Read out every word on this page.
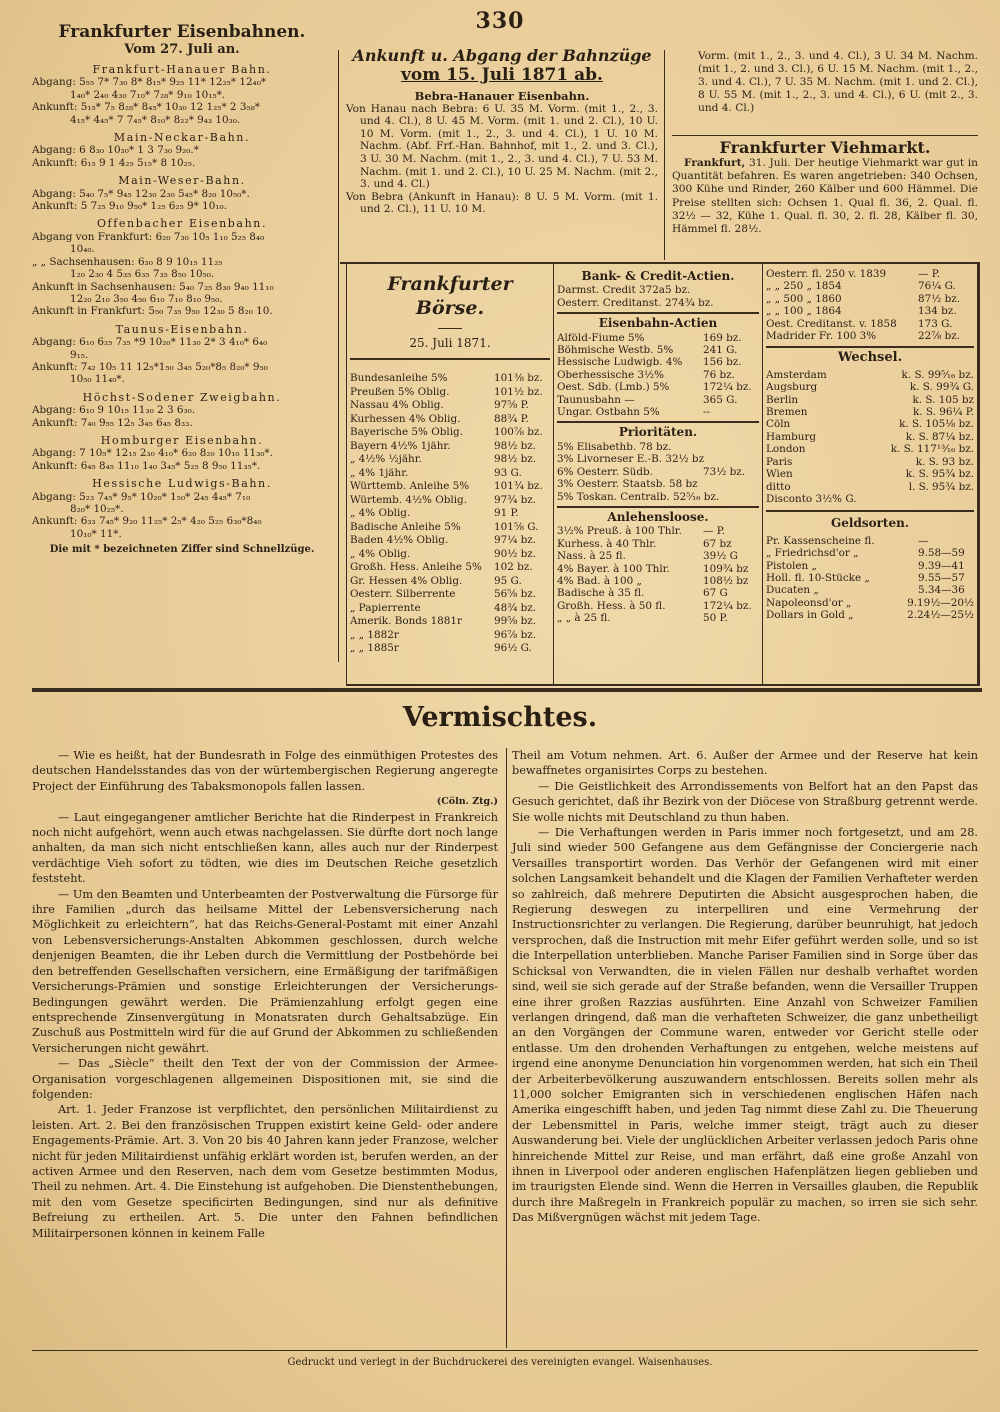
330
Frankfurter Eisenbahnen.
Vom 27. Juli an.
Frankfurt-Hanauer Bahn.
Abgang: 5₅₅ 7* 7₃₀ 8* 8₁₅* 9₂₅ 11* 12₂₅* 12₄₀*
1₄₀* 2₄₀ 4₃₀ 7₁₀* 7₂₈* 9₁₀ 10₁₅*.
Ankunft: 5₁₅* 7₅ 8₂₈* 8₄₅* 10₃₀ 12 1₂₅* 2 3₅₈*
4₁₅* 4₄₅* 7 7₄₅* 8₁₀* 8₂₂* 9₄₃ 10₃₀.
Main-Neckar-Bahn.
Abgang: 6 8₃₀ 10₃₀* 1 3 7₃₀ 9₂₀.*
Ankunft: 6₁₅ 9 1 4₂₅ 5₁₅* 8 10₂₅.
Main-Weser-Bahn.
Abgang: 5₄₀ 7₅* 9₄₅ 12₃₀ 2₃₀ 5₄₅* 8₂₀ 10₅₀*.
Ankunft: 5 7₂₅ 9₁₀ 9₅₀* 1₂₅ 6₂₅ 9* 10₁₀.
Offenbacher Eisenbahn.
Abgang von Frankfurt: 6₂₀ 7₃₀ 10₅ 1₁₀ 5₂₅ 8₄₀
10₄₀.
„ „ Sachsenhausen: 6₃₀ 8 9 10₁₅ 11₂₅
1₂₀ 2₃₀ 4 5₃₅ 6₃₅ 7₃₅ 8₅₀ 10₅₀.
Ankunft in Sachsenhausen: 5₄₀ 7₂₅ 8₃₀ 9₄₀ 11₁₀
12₂₀ 2₁₀ 3₅₀ 4₅₀ 6₁₀ 7₁₀ 8₁₀ 9₅₀.
Ankunft in Frankfurt: 5₅₀ 7₃₅ 9₅₀ 12₃₀ 5 8₂₀ 10.
Taunus-Eisenbahn.
Abgang: 6₁₀ 6₂₅ 7₃₅ *9 10₂₀* 11₃₀ 2* 3 4₁₀* 6₄₀
9₁₅.
Ankunft: 7₄₂ 10₅ 11 12₅*1₅₀ 3₄₅ 5₂₀*8₅ 8₂₀* 9₅₀
10₅₀ 11₄₀*.
Höchst-Sodener Zweigbahn.
Abgang: 6₁₀ 9 10₁₅ 11₃₀ 2 3 6₃₀.
Ankunft: 7₄₀ 9₅₅ 12₅ 3₄₅ 6₄₅ 8₃₃.
Homburger Eisenbahn.
Abgang: 7 10₅* 12₁₅ 2₃₀ 4₁₀* 6₂₀ 8₂₀ 10₁₀ 11₃₀*.
Ankunft: 6₄₅ 8₄₅ 11₁₀ 1₄₀ 3₄₅* 5₂₅ 8 9₅₀ 11₃₅*.
Hessische Ludwigs-Bahn.
Abgang: 5₂₃ 7₄₅* 9₅* 10₂₀* 1₅₀* 2₄₅ 4₄₅* 7₁₀
8₂₀* 10₂₅*.
Ankunft: 6₃₃ 7₄₅* 9₂₀ 11₂₅* 2₅* 4₂₀ 5₂₅ 6₃₀*8₄₀
10₁₀* 11*.
Die mit * bezeichneten Ziffer sind Schnellzüge.
Ankunft u. Abgang der Bahnzüge
vom 15. Juli 1871 ab.
Bebra-Hanauer Eisenbahn.
Von Hanau nach Bebra: 6 U. 35 M. Vorm. (mit 1., 2., 3. und 4. Cl.), 8 U. 45 M. Vorm. (mit 1. und 2. Cl.), 10 U. 10 M. Vorm. (mit 1., 2., 3. und 4. Cl.), 1 U. 10 M. Nachm. (Abf. Frf.-Han. Bahnhof, mit 1., 2. und 3. Cl.), 3 U. 30 M. Nachm. (mit 1., 2., 3. und 4. Cl.), 7 U. 53 M. Nachm. (mit 1. und 2. Cl.), 10 U. 25 M. Nachm. (mit 2., 3. und 4. Cl.)
Von Bebra (Ankunft in Hanau): 8 U. 5 M. Vorm. (mit 1. und 2. Cl.), 11 U. 10 M.
Vorm. (mit 1., 2., 3. und 4. Cl.), 3 U. 34 M. Nachm. (mit 1., 2. und 3. Cl.), 6 U. 15 M. Nachm. (mit 1., 2., 3. und 4. Cl.), 7 U. 35 M. Nachm. (mit 1. und 2. Cl.), 8 U. 55 M. (mit 1., 2., 3. und 4. Cl.), 6 U. (mit 2., 3. und 4. Cl.)
Frankfurter Viehmarkt.
Frankfurt, 31. Juli. Der heutige Viehmarkt war gut in Quantität befahren. Es waren angetrieben: 340 Ochsen, 300 Kühe und Rinder, 260 Kälber und 600 Hämmel. Die Preise stellten sich: Ochsen 1. Qual fl. 36, 2. Qual. fl. 32½ — 32, Kühe 1. Qual. fl. 30, 2. fl. 28, Kälber fl. 30, Hämmel fl. 28½.
Frankfurter Börse.
25. Juli 1871.
Bundesanleihe 5%	101⅜ bz.
Preußen 5% Oblig.	101½ bz.
Nassau 4% Oblig.	97⅝ P.
Kurhessen 4% Oblig.	88¾ P.
Bayerische 5% Oblig.	100⅞ bz.
Bayern 4½% 1jähr.	98½ bz.
„ 4½% ½jähr.	98½ bz.
„ 4% 1jähr.	93 G.
Württemb. Anleihe 5% 101¾ bz.
Würtemb. 4½% Oblig.	97¾ bz.
„ 4% Oblig.	91 P.
Badische Anleihe 5%	101⅝ G.
Baden 4½% Oblig.	97¼ bz.
„ 4% Oblig.	90½ bz.
Großh. Hess. Anleihe 5% 102 bz.
Gr. Hessen 4% Oblig.	95 G.
Oesterr. Silberrente	56⅝ bz.
„ Papierrente	48¾ bz.
Amerik. Bonds 1881r	99⅝ bz.
„ „ 1882r	96⅞ bz.
„ „ 1885r	96½ G.
Bank- & Credit-Actien.
Darmst. Credit 372a5 bz.
Oesterr. Creditanst. 274¾ bz.
Eisenbahn-Actien
Alföld-Fiume 5%	169 bz.
Böhmische Westb. 5%	241 G.
Hessische Ludwigb. 4% 156 bz.
Oberhessische 3½%	76 bz.
Oest. Sdb. (Lmb.) 5%	172¼ bz.
Taunusbahn —	365 G.
Ungar. Ostbahn 5%	--
Prioritäten.
5% Elisabethb. 78 bz.
3% Livorneser E.-B. 32½ bz
6% Oesterr. Südb.	73½ bz.
3% Oesterr. Staatsb. 58 bz
5% Toskan. Centralb. 52⁵⁄₁₆ bz.
Anlehensloose.
3½% Preuß. à 100 Thlr. — P.
Kurhess. à 40 Thlr.	67 bz
Nass. à 25 fl.	39½ G
4% Bayer. à 100 Thlr.	109¾ bz
4% Bad. à 100 „	108½ bz
Badische à 35 fl.	67 G
Großh. Hess. à 50 fl.	172¼ bz.
„ „ à 25 fl.	50 P.
Oesterr. fl. 250 v. 1839	— P.
„ „ 250 „ 1854	76¼ G.
„ „ 500 „ 1860	87½ bz.
„ „ 100 „ 1864	134 bz.
Oest. Creditanst. v. 1858 173 G.
Madrider Fr. 100 3%	22⅞ bz.
Wechsel.
Amsterdam	k. S. 99⁵⁄₁₆ bz.
Augsburg	k. S. 99¾ G.
Berlin	k. S. 105 bz
Bremen	k. S. 96¼ P.
Cöln	k. S. 105⅛ bz.
Hamburg	k. S. 87¼ bz.
London	k. S. 117¹³⁄₁₆ bz.
Paris	k. S. 93 bz.
Wien	k. S. 95¾ bz.
ditto	l. S. 95¾ bz.
Disconto 3½% G.
Geldsorten.
Pr. Kassenscheine fl.	—
„ Friedrichsd'or „	9.58—59
Pistolen „	9.39—41
Holl. fl. 10-Stücke „	9.55—57
Ducaten „	5.34—36
Napoleonsd'or „	9.19½—20½
Dollars in Gold „	2.24½—25½
Vermischtes.

— Wie es heißt, hat der Bundesrath in Folge des einmüthigen Protestes des deutschen Handelsstandes das von der würtembergischen Regierung angeregte Project der Einführung des Tabaksmonopols fallen lassen.

(Cöln. Ztg.)

— Laut eingegangener amtlicher Berichte hat die Rinderpest in Frankreich noch nicht aufgehört, wenn auch etwas nachgelassen. Sie dürfte dort noch lange anhalten, da man sich nicht entschließen kann, alles auch nur der Rinderpest verdächtige Vieh sofort zu tödten, wie dies im Deutschen Reiche gesetzlich feststeht.

— Um den Beamten und Unterbeamten der Postverwaltung die Fürsorge für ihre Familien „durch das heilsame Mittel der Lebensversicherung nach Möglichkeit zu erleichtern“, hat das Reichs-General-Postamt mit einer Anzahl von Lebensversicherungs-Anstalten Abkommen geschlossen, durch welche denjenigen Beamten, die ihr Leben durch die Vermittlung der Postbehörde bei den betreffenden Gesellschaften versichern, eine Ermäßigung der tarifmäßigen Versicherungs-Prämien und sonstige Erleichterungen der Versicherungs-Bedingungen gewährt werden. Die Prämienzahlung erfolgt gegen eine entsprechende Zinsenvergütung in Monatsraten durch Gehaltsabzüge. Ein Zuschuß aus Postmitteln wird für die auf Grund der Abkommen zu schließenden Versicherungen nicht gewährt.

— Das „Siècle“ theilt den Text der von der Commission der Armee-Organisation vorgeschlagenen allgemeinen Dispositionen mit, sie sind die folgenden:

Art. 1. Jeder Franzose ist verpflichtet, den persönlichen Militairdienst zu leisten. Art. 2. Bei den französischen Truppen existirt keine Geld- oder andere Engagements-Prämie. Art. 3. Von 20 bis 40 Jahren kann jeder Franzose, welcher nicht für jeden Militairdienst unfähig erklärt worden ist, berufen werden, an der activen Armee und den Reserven, nach dem vom Gesetze bestimmten Modus, Theil zu nehmen. Art. 4. Die Einstehung ist aufgehoben. Die Dienstenthebungen, mit den vom Gesetze specificirten Bedingungen, sind nur als definitive Befreiung zu ertheilen. Art. 5. Die unter den Fahnen befindlichen Militairpersonen können in keinem Falle

Theil am Votum nehmen. Art. 6. Außer der Armee und der Reserve hat kein bewaffnetes organisirtes Corps zu bestehen.

— Die Geistlichkeit des Arrondissements von Belfort hat an den Papst das Gesuch gerichtet, daß ihr Bezirk von der Diöcese von Straßburg getrennt werde. Sie wolle nichts mit Deutschland zu thun haben.

— Die Verhaftungen werden in Paris immer noch fortgesetzt, und am 28. Juli sind wieder 500 Gefangene aus dem Gefängnisse der Conciergerie nach Versailles transportirt worden. Das Verhör der Gefangenen wird mit einer solchen Langsamkeit behandelt und die Klagen der Familien Verhafteter werden so zahlreich, daß mehrere Deputirten die Absicht ausgesprochen haben, die Regierung deswegen zu interpelliren und eine Vermehrung der Instructionsrichter zu verlangen. Die Regierung, darüber beunruhigt, hat jedoch versprochen, daß die Instruction mit mehr Eifer geführt werden solle, und so ist die Interpellation unterblieben. Manche Pariser Familien sind in Sorge über das Schicksal von Verwandten, die in vielen Fällen nur deshalb verhaftet worden sind, weil sie sich gerade auf der Straße befanden, wenn die Versailler Truppen eine ihrer großen Razzias ausführten. Eine Anzahl von Schweizer Familien verlangen dringend, daß man die verhafteten Schweizer, die ganz unbetheiligt an den Vorgängen der Commune waren, entweder vor Gericht stelle oder entlasse. Um den drohenden Verhaftungen zu entgehen, welche meistens auf irgend eine anonyme Denunciation hin vorgenommen werden, hat sich ein Theil der Arbeiterbevölkerung auszuwandern entschlossen. Bereits sollen mehr als 11,000 solcher Emigranten sich in verschiedenen englischen Häfen nach Amerika eingeschifft haben, und jeden Tag nimmt diese Zahl zu. Die Theuerung der Lebensmittel in Paris, welche immer steigt, trägt auch zu dieser Auswanderung bei. Viele der unglücklichen Arbeiter verlassen jedoch Paris ohne hinreichende Mittel zur Reise, und man erfährt, daß eine große Anzahl von ihnen in Liverpool oder anderen englischen Hafenplätzen liegen geblieben und im traurigsten Elende sind. Wenn die Herren in Versailles glauben, die Republik durch ihre Maßregeln in Frankreich populär zu machen, so irren sie sich sehr. Das Mißvergnügen wächst mit jedem Tage.

Gedruckt und verlegt in der Buchdruckerei des vereinigten evangel. Waisenhauses.
